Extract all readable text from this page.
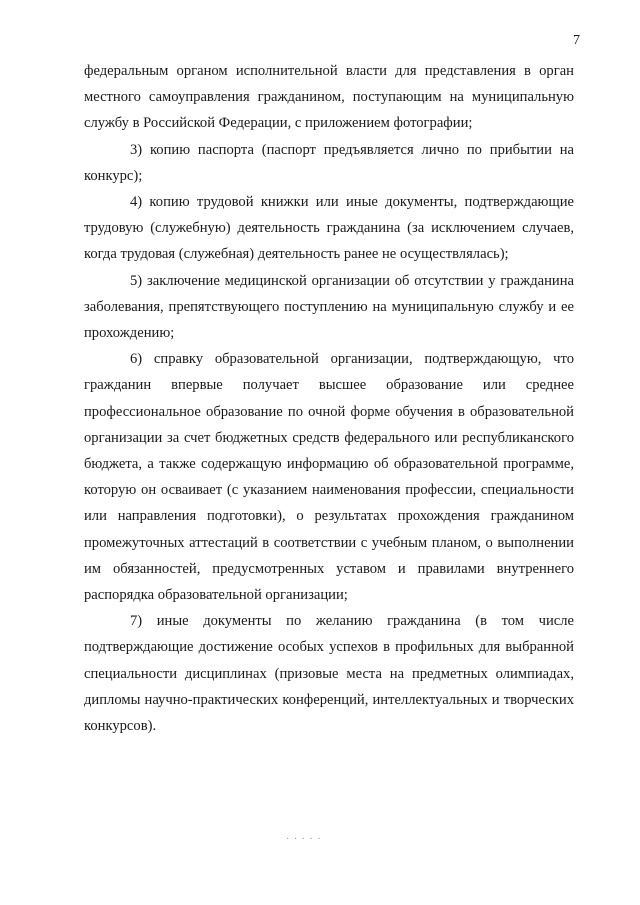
7

федеральным органом исполнительной власти для представления в орган местного самоуправления гражданином, поступающим на муниципальную службу в Российской Федерации, с приложением фотографии;

3) копию паспорта (паспорт предъявляется лично по прибытии на конкурс);

4) копию трудовой книжки или иные документы, подтверждающие трудовую (служебную) деятельность гражданина (за исключением случаев, когда трудовая (служебная) деятельность ранее не осуществлялась);

5) заключение медицинской организации об отсутствии у гражданина заболевания, препятствующего поступлению на муниципальную службу и ее прохождению;

6) справку образовательной организации, подтверждающую, что гражданин впервые получает высшее образование или среднее профессиональное образование по очной форме обучения в образовательной организации за счет бюджетных средств федерального или республиканского бюджета, а также содержащую информацию об образовательной программе, которую он осваивает (с указанием наименования профессии, специальности или направления подготовки), о результатах прохождения гражданином промежуточных аттестаций в соответствии с учебным планом, о выполнении им обязанностей, предусмотренных уставом и правилами внутреннего распорядка образовательной организации;

7) иные документы по желанию гражданина (в том числе подтверждающие достижение особых успехов в профильных для выбранной специальности дисциплинах (призовые места на предметных олимпиадах, дипломы научно-практических конференций, интеллектуальных и творческих конкурсов).

· · · · ·
